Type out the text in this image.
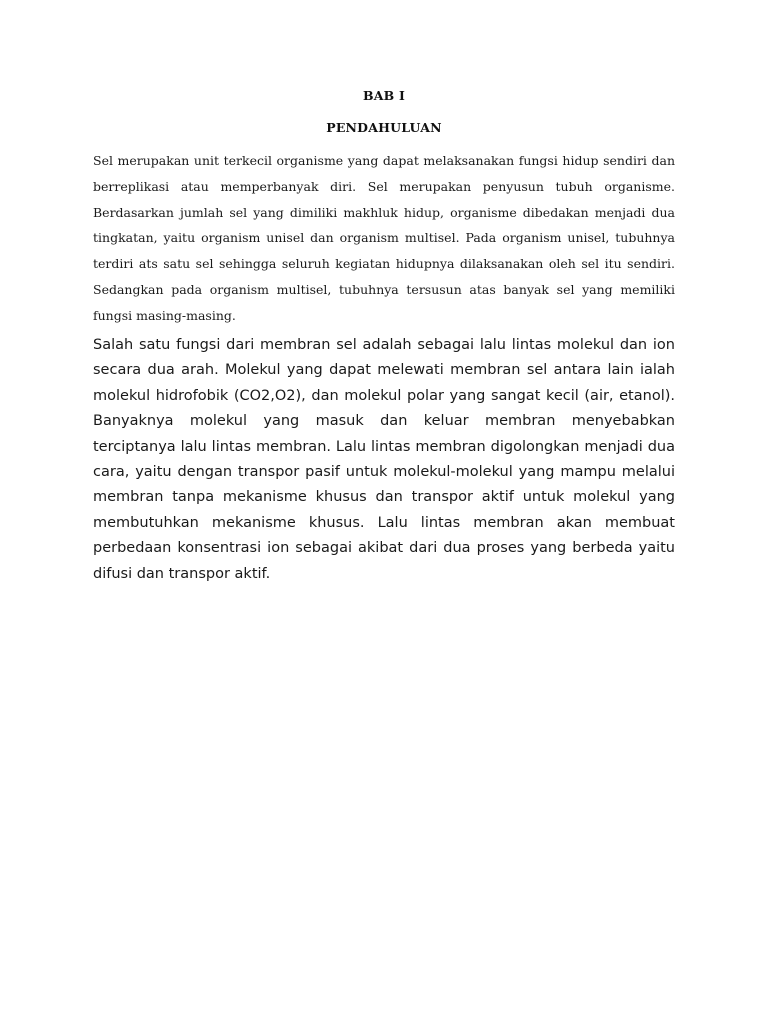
BAB I
PENDAHULUAN

Sel merupakan unit terkecil organisme yang dapat melaksanakan fungsi hidup sendiri dan berreplikasi atau memperbanyak diri. Sel merupakan penyusun tubuh organisme. Berdasarkan jumlah sel yang dimiliki makhluk hidup, organisme dibedakan menjadi dua tingkatan, yaitu organism unisel dan organism multisel. Pada organism unisel, tubuhnya terdiri ats satu sel sehingga seluruh kegiatan hidupnya dilaksanakan oleh sel itu sendiri. Sedangkan pada organism multisel, tubuhnya tersusun atas banyak sel yang memiliki fungsi masing-masing.

Salah satu fungsi dari membran sel adalah sebagai lalu lintas molekul dan ion secara dua arah. Molekul yang dapat melewati membran sel antara lain ialah molekul hidrofobik (CO2,O2), dan molekul polar yang sangat kecil (air, etanol). Banyaknya molekul yang masuk dan keluar membran menyebabkan terciptanya lalu lintas membran. Lalu lintas membran digolongkan menjadi dua cara, yaitu dengan transpor pasif untuk molekul-molekul yang mampu melalui membran tanpa mekanisme khusus dan transpor aktif untuk molekul yang membutuhkan mekanisme khusus. Lalu lintas membran akan membuat perbedaan konsentrasi ion sebagai akibat dari dua proses yang berbeda yaitu difusi dan transpor aktif.
